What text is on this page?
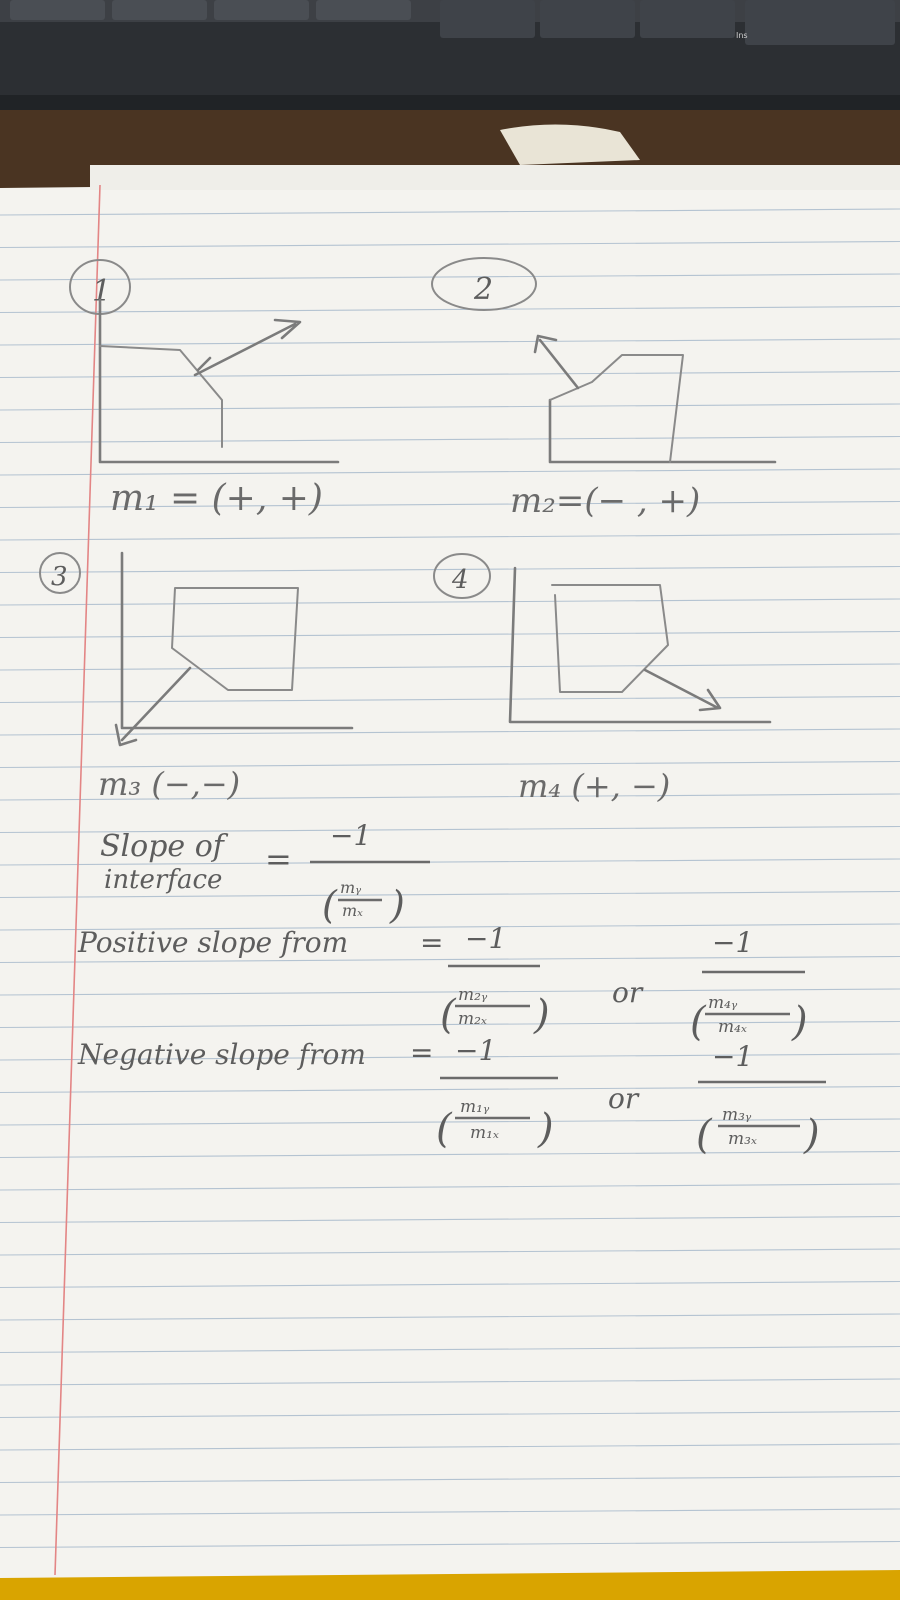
Ins
1
m₁ = (+, +)
2
m₂=(− , +)
3
m₃ (−,−)
4
m₄ (+, −)
Slope of
interface
=
−1
( mᵧ
mₓ )
Positive slope from	= −1
( m₂ᵧ
m₂ₓ ) or
−1
( m₄ᵧ
m₄ₓ )
Negative slope from = −1
( m₁ᵧ
m₁ₓ )
or
−1
( m₃ᵧ
m₃ₓ )
